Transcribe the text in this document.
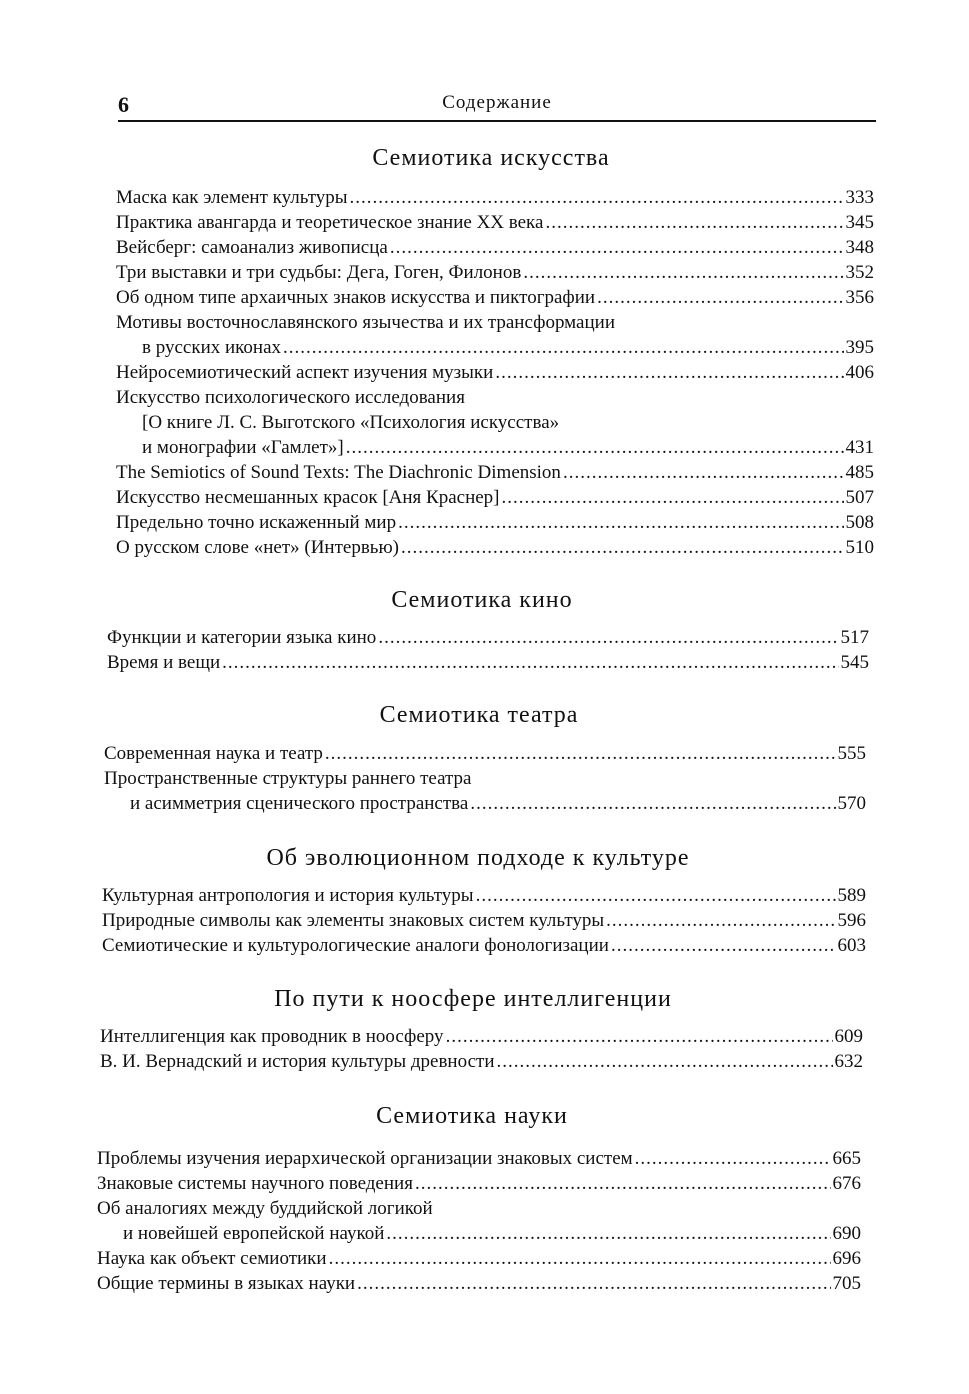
6	Содержание
Семиотика искусства
Маска как элемент культуры .....	333
Практика авангарда и теоретическое знание XX века .....	345
Вейсберг: самоанализ живописца .....	348
Три выставки и три судьбы: Дега, Гоген, Филонов .....	352
Об одном типе архаичных знаков искусства и пиктографии .....	356
Мотивы восточнославянского язычества и их трансформации
в русских иконах .....	395
Нейросемиотический аспект изучения музыки .....	406
Искусство психологического исследования
[О книге Л. С. Выготского «Психология искусства»
и монографии «Гамлет»] .....	431
The Semiotics of Sound Texts: The Diachronic Dimension .....	485
Искусство несмешанных красок [Аня Краснер] .....	507
Предельно точно искаженный мир .....	508
О русском слове «нет» (Интервью) .....	510
Семиотика кино
Функции и категории языка кино .....	517
Время и вещи .....	545
Семиотика театра
Современная наука и театр .....	555
Пространственные структуры раннего театра
и асимметрия сценического пространства .....	570
Об эволюционном подходе к культуре
Культурная антропология и история культуры .....	589
Природные символы как элементы знаковых систем культуры .....	596
Семиотические и культурологические аналоги фонологизации .....	603
По пути к ноосфере интеллигенции
Интеллигенция как проводник в ноосферу .....	609
В. И. Вернадский и история культуры древности .....	632
Семиотика науки
Проблемы изучения иерархической организации знаковых систем .....	665
Знаковые системы научного поведения .....	676
Об аналогиях между буддийской логикой
и новейшей европейской наукой .....	690
Наука как объект семиотики .....	696
Общие термины в языках науки .....	705
